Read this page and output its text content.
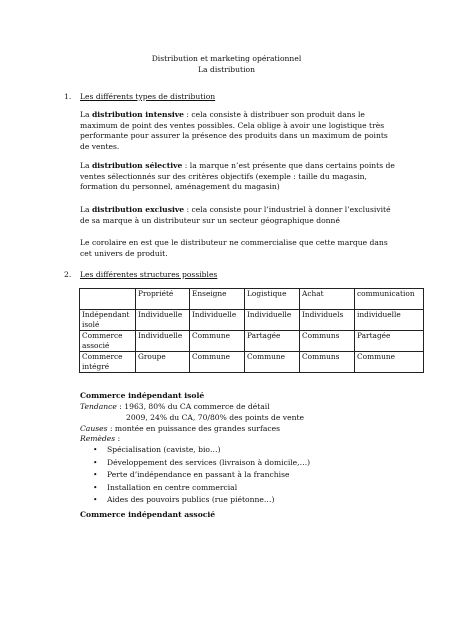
Distribution et marketing opérationnel
La distribution
1. Les différents types de distribution

La distribution intensive : cela consiste à distribuer son produit dans le

maximum de point des ventes possibles. Cela oblige à avoir une logistique très

performante pour assurer la présence des produits dans un maximum de points

de ventes.

La distribution sélective : la marque n’est présente que dans certains points de

ventes sélectionnés sur des critères objectifs (exemple : taille du magasin,

formation du personnel, aménagement du magasin)

La distribution exclusive : cela consiste pour l’industriel à donner l’exclusivité

de sa marque à un distributeur sur un secteur géographique donné

Le corolaire en est que le distributeur ne commercialise que cette marque dans

cet univers de produit.

2. Les différentes structures possibles
	Propriété	Enseigne	Logistique	Achat	communication

Indépendant
isolé	Individuelle	Individuelle	Individuelle	Individuels	individuelle

Commerce
associé	Individuelle	Commune	Partagée	Communs	Partagée

Commerce
intégré	Groupe	Commune	Commune	Communs	Commune
Commerce indépendant isolé
Tendance : 1963, 80% du CA commerce de détail
2009, 24% du CA, 70/80% des points de vente
Causes : montée en puissance des grandes surfaces
Remèdes :
• Spécialisation (caviste, bio…)
• Développement des services (livraison à domicile,…)
• Perte d’indépendance en passant à la franchise
• Installation en centre commercial
• Aides des pouvoirs publics (rue piétonne…)
Commerce indépendant associé
